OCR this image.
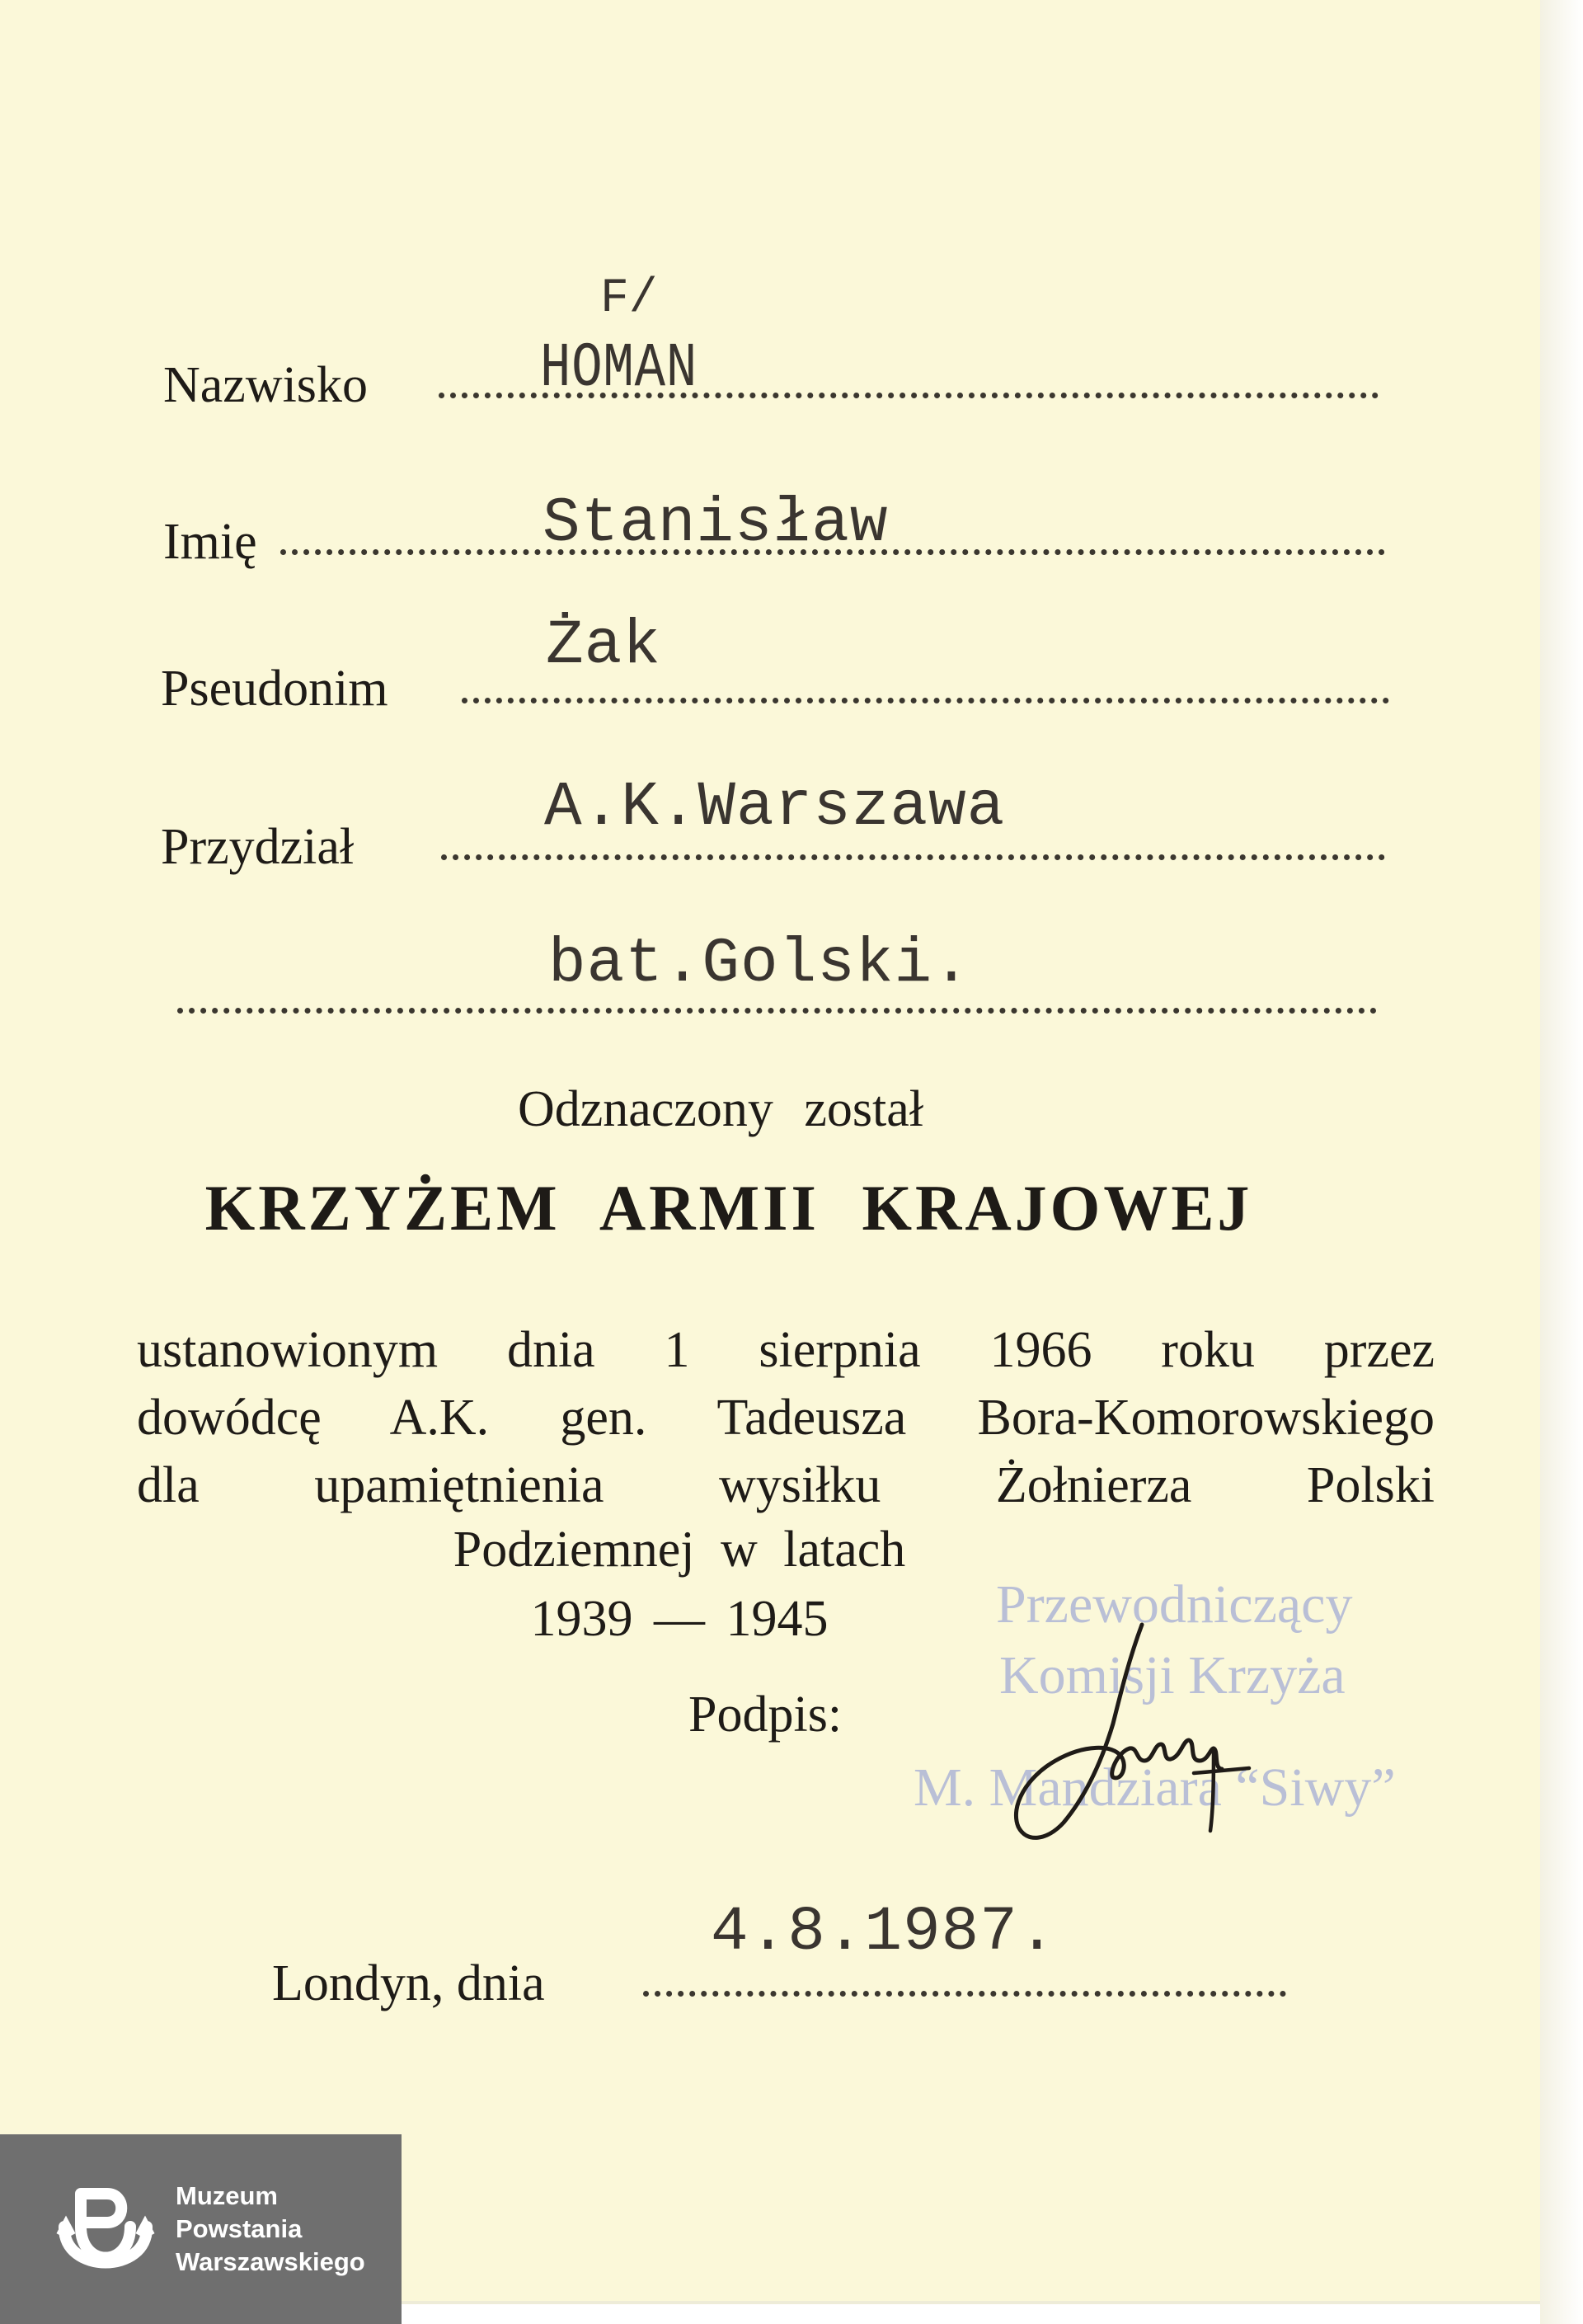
Nazwisko
F/
HOMAN
Imię	Stanisław
Żak
Pseudonim
A.K.Warszawa
Przydział
bat.Golski.
Odznaczony został
KRZYŻEM ARMII KRAJOWEJ
ustanowionym dnia 1 sierpnia 1966 roku przez
dowódcę A.K. gen. Tadeusza Bora-Komorowskiego
dla upamiętnienia wysiłku Żołnierza Polski
Podziemnej w latach
1939 — 1945	Przewodniczący
Komisji Krzyża
M. Mandziara “Siwy”
Podpis:
Londyn, dnia
4.8.1987.
Muzeum
Powstania
Warszawskiego
